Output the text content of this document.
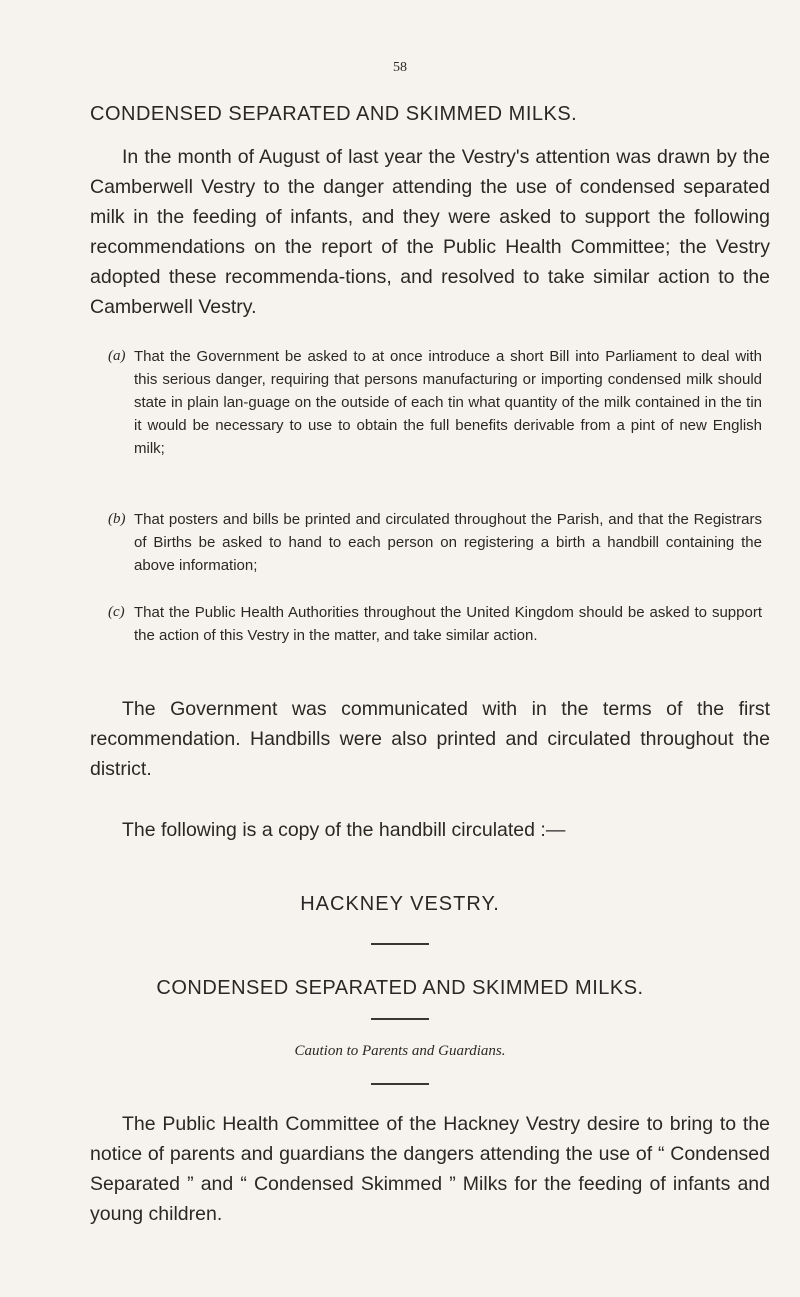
58
CONDENSED SEPARATED AND SKIMMED MILKS.

In the month of August of last year the Vestry's attention was drawn by the Camberwell Vestry to the danger attending the use of condensed separated milk in the feeding of infants, and they were asked to support the following recommendations on the report of the Public Health Committee; the Vestry adopted these recommenda-tions, and resolved to take similar action to the Camberwell Vestry.

(a) That the Government be asked to at once introduce a short Bill into Parliament to deal with this serious danger, requiring that persons manufacturing or importing condensed milk should state in plain lan-guage on the outside of each tin what quantity of the milk contained in the tin it would be necessary to use to obtain the full benefits derivable from a pint of new English milk;
(b) That posters and bills be printed and circulated throughout the Parish, and that the Registrars of Births be asked to hand to each person on registering a birth a handbill containing the above information;
(c) That the Public Health Authorities throughout the United Kingdom should be asked to support the action of this Vestry in the matter, and take similar action.

The Government was communicated with in the terms of the first recommendation. Handbills were also printed and circulated throughout the district.

The following is a copy of the handbill circulated :—

HACKNEY VESTRY.
CONDENSED SEPARATED AND SKIMMED MILKS.
Caution to Parents and Guardians.

The Public Health Committee of the Hackney Vestry desire to bring to the notice of parents and guardians the dangers attending the use of “ Condensed Separated ” and “ Condensed Skimmed ” Milks for the feeding of infants and young children.
